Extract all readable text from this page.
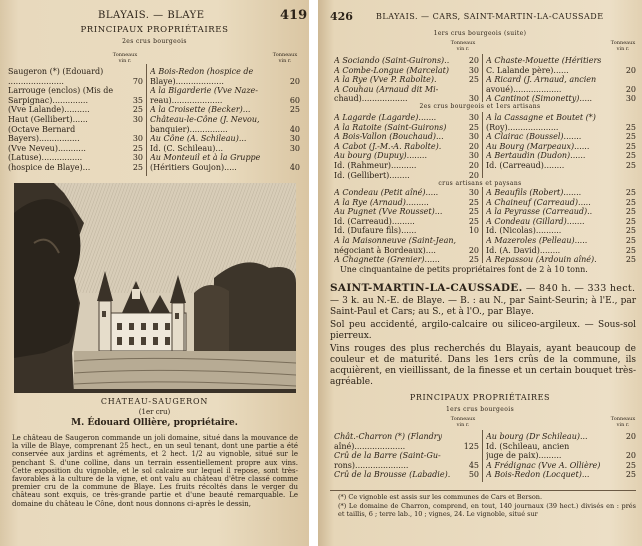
BLAYAIS. — BLAYE	419
PRINCIPAUX PROPRIÉTAIRES
2es crus bourgeois
Tonneaux
vin r.
Tonneaux
vin r.
Saugeron (*) (Edouard)
......................	70
Larrouge (enclos) (Mis de
Sarpignac)..............	35
(Vve Lalande)..........	25
Haut (Gellibert)......	30
(Octave Bernard
Bayers)................	30
(Vve Neveu)...........	25
(Latuse)................	30
(hospice de Blaye)...	25
A Bois-Redon (hospice de
Blaye)...................	20
A la Bigarderie (Vve Naze-
reau)....................	60
A la Croisette (Becker)...	25
Château-le-Cône (J. Nevou,
banquier)...............	40
Au Cône (A. Schileau)...	30
Id. (C. Schileau)...	30
Au Monteuil et à la Gruppe
(Héritiers Goujon).....	40
CHATEAU-SAUGERON
(1er cru)
M. Édouard Ollière, propriétaire.
Le château de Saugeron commande un joli domaine, situé dans la mouvance de la ville de Blaye, comprenant 25 hect., en un seul tenant, dont une partie a été conservée aux jardins et agréments, et 2 hect. 1/2 au vignoble, situé sur le penchant S. d'une colline, dans un terrain essentiellement propre aux vins. Cette exposition du vignoble, et le sol calcaire sur lequel il repose, sont très-favorables à la culture de la vigne, et ont valu au château d'être classé comme premier cru de la commune de Blaye. Les fruits récoltés dans le verger du château sont exquis, ce très-grande partie et d'une beauté remarquable. Le domaine du château le Cône, dont nous donnons ci-après le dessin,
426	BLAYAIS. — CARS, SAINT-MARTIN-LA-CAUSSADE
1ers crus bourgeois (suite)
Tonneaux
vin r.
Tonneaux
vin r.
A Sociando (Saint-Guirons)..	20
A Combe-Longue (Marcelat)	30
A la Rye (Vve P. Rabolte).	25
A Couhau (Arnaud dit Mi-
chaud)..................	30
A Chaste-Mouette (Héritiers
C. Lalande père)......	20
A Ricard (J. Arnaud, ancien
avoué)...................	20
A Cantinot (Simonetty).....	30
2es crus bourgeois et 1ers artisans
A Lagarde (Lagarde).......	30
A la Ratoite (Saint-Guirons)	25
A Bois-Vallon (Bouchaud)...	30
A Cabot (J.-M.-A. Rabolte).	20
Au bourg (Dupuy)........	30
Id. (Rahmeur)..........	20
Id. (Gellibert)........	20
A la Cassagne et Boutet (*)
(Roy)....................	25
A Clairac (Boussel).......	25
Au Bourg (Marpeaux)......	25
A Bertaudin (Dudon)......	25
Id. (Carreaud)........	25
crus artisans et paysans
A Condeau (Petit aîné).....	30
A la Rye (Arnaud).........	25
Au Pugnet (Vve Rousset)...	25
Id. (Carreaud).........	25
Id. (Dufaure fils)......	10
A la Maisonneuve (Saint-Jean,
négociant à Bordeaux)....	20
A Chagnette (Grenier)......	25
A Beaufils (Robert).......	25
A Chaineuf (Carreaud).....	25
A la Peyrasse (Carreaud)..	25
A Condeau (Gillard).......	25
Id. (Nicolas)..........	25
A Mazeroles (Pelleau).....	25
Id. (A. David)........	25
A Repassou (Ardouin aîné).	25
Une cinquantaine de petits propriétaires font de 2 à 10 tonn.
SAINT-MARTIN-LA-CAUSSADE. — 840 h. — 333 hect.
— 3 k. au N.-E. de Blaye. — B. : au N., par Saint-Seurin; à l'E., par Saint-Paul et Cars; au S., et à l'O., par Blaye.
Sol peu accidenté, argilo-calcaire ou siliceo-argileux. — Sous-sol pierreux.
Vins rouges des plus recherchés du Blayais, ayant beaucoup de couleur et de maturité. Dans les 1ers crûs de la commune, ils acquièrent, en vieillissant, de la finesse et un certain bouquet très-agréable.
PRINCIPAUX PROPRIÉTAIRES
1ers crus bourgeois
Tonneaux
vin r.
Tonneaux
vin r.
Chât.-Charron (*) (Flandry
aîné)....................	125
Crû de la Barre (Saint-Gu-
rons).....................	45
Crû de la Brousse (Labadie).	50
Au bourg (Dr Schileau)...	20
Id. (Schileau, ancien
juge de paix).........	20
A Frédignac (Vve A. Ollière)	25
A Bois-Redon (Locquet)...	25
(*) Ce vignoble est assis sur les communes de Cars et Berson.
(*) Le domaine de Charron, comprend, en tout, 140 journaux (39 hect.) divisés en : prés et taillis, 6 ; terre lab., 10 ; vignes, 24. Le vignoble, situé sur
